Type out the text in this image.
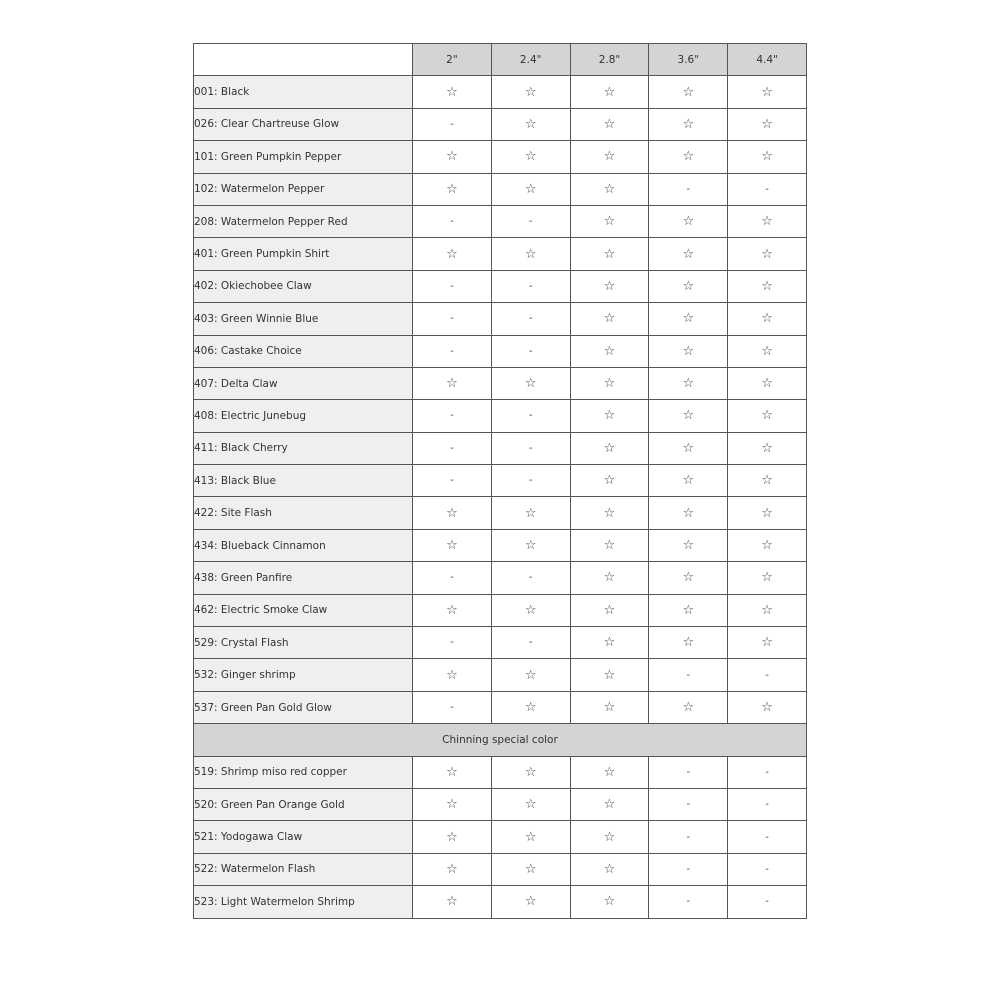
	2"	2.4"	2.8"	3.6"	4.4"
001: Black	☆	☆	☆	☆	☆
026: Clear Chartreuse Glow	-	☆	☆	☆	☆
101: Green Pumpkin Pepper	☆	☆	☆	☆	☆
102: Watermelon Pepper	☆	☆	☆	-	-
208: Watermelon Pepper Red	-	-	☆	☆	☆
401: Green Pumpkin Shirt	☆	☆	☆	☆	☆
402: Okiechobee Claw	-	-	☆	☆	☆
403: Green Winnie Blue	-	-	☆	☆	☆
406: Castake Choice	-	-	☆	☆	☆
407: Delta Claw	☆	☆	☆	☆	☆
408: Electric Junebug	-	-	☆	☆	☆
411: Black Cherry	-	-	☆	☆	☆
413: Black Blue	-	-	☆	☆	☆
422: Site Flash	☆	☆	☆	☆	☆
434: Blueback Cinnamon	☆	☆	☆	☆	☆
438: Green Panfire	-	-	☆	☆	☆
462: Electric Smoke Claw	☆	☆	☆	☆	☆
529: Crystal Flash	-	-	☆	☆	☆
532: Ginger shrimp	☆	☆	☆	-	-
537: Green Pan Gold Glow	-	☆	☆	☆	☆
Chinning special color					
519: Shrimp miso red copper	☆	☆	☆	-	-
520: Green Pan Orange Gold	☆	☆	☆	-	-
521: Yodogawa Claw	☆	☆	☆	-	-
522: Watermelon Flash	☆	☆	☆	-	-
523: Light Watermelon Shrimp	☆	☆	☆	-	-
